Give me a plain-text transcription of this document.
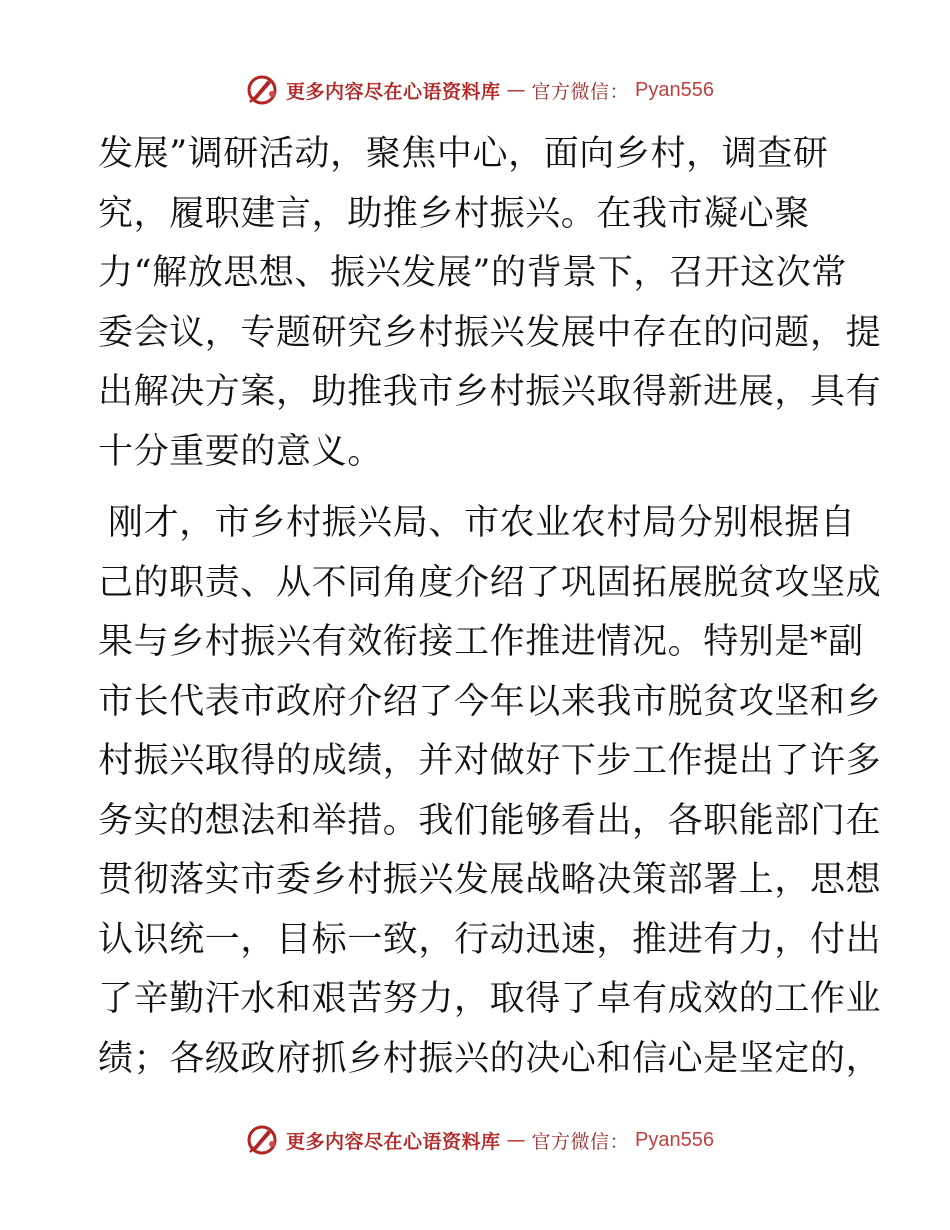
更多内容尽在心语资料库 — 官方微信： Pyan556
发展”调研活动，聚焦中心，面向乡村，调查研
究，履职建言，助推乡村振兴。在我市凝心聚
力“解放思想、振兴发展”的背景下，召开这次常
委会议，专题研究乡村振兴发展中存在的问题，提
出解决方案，助推我市乡村振兴取得新进展，具有
十分重要的意义。
刚才，市乡村振兴局、市农业农村局分别根据自
己的职责、从不同角度介绍了巩固拓展脱贫攻坚成
果与乡村振兴有效衔接工作推进情况。特别是*副
市长代表市政府介绍了今年以来我市脱贫攻坚和乡
村振兴取得的成绩，并对做好下步工作提出了许多
务实的想法和举措。我们能够看出，各职能部门在
贯彻落实市委乡村振兴发展战略决策部署上，思想
认识统一，目标一致，行动迅速，推进有力，付出
了辛勤汗水和艰苦努力，取得了卓有成效的工作业
绩；各级政府抓乡村振兴的决心和信心是坚定的，
更多内容尽在心语资料库 — 官方微信： Pyan556
